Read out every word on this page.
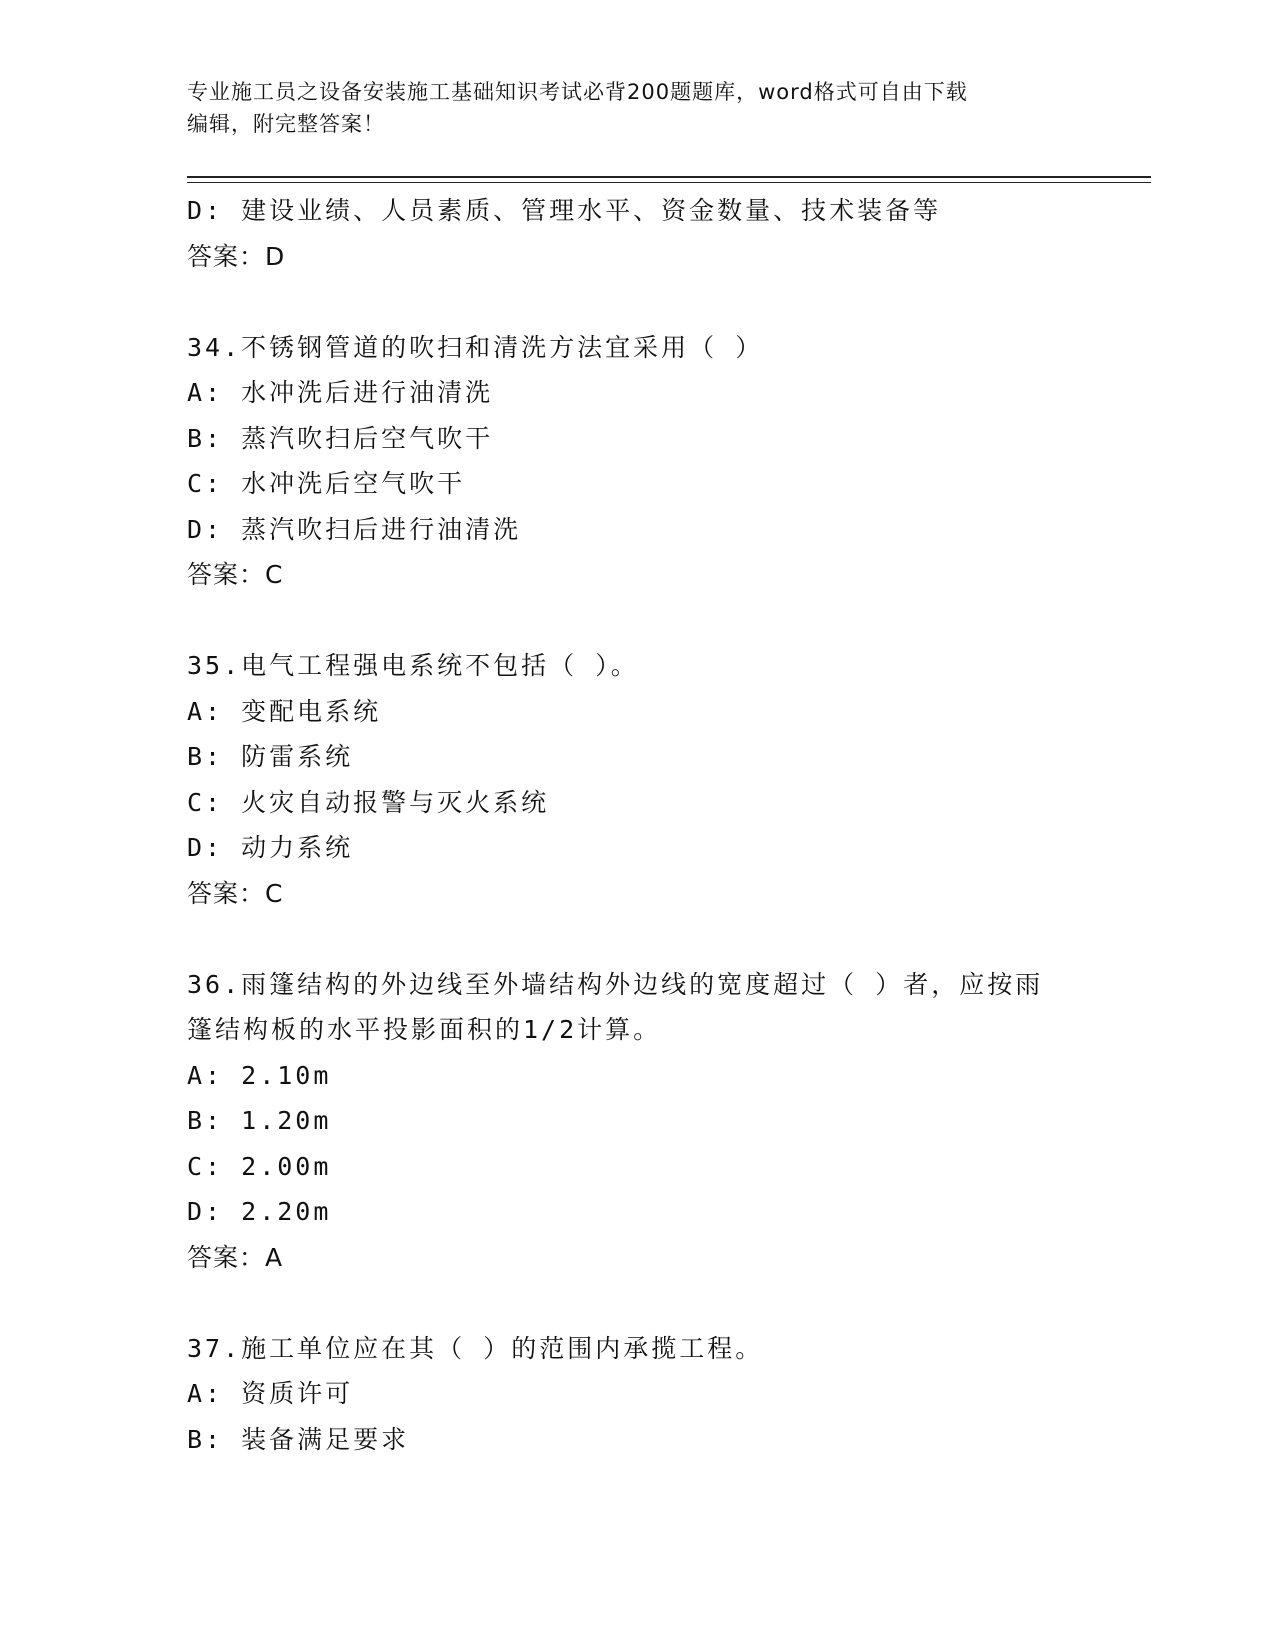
专业施工员之设备安装施工基础知识考试必背200题题库，word格式可自由下载
编辑，附完整答案！
D: 建设业绩、人员素质、管理水平、资金数量、技术装备等
答案：D
34.不锈钢管道的吹扫和清洗方法宜采用（ ）
A: 水冲洗后进行油清洗
B: 蒸汽吹扫后空气吹干
C: 水冲洗后空气吹干
D: 蒸汽吹扫后进行油清洗
答案：C
35.电气工程强电系统不包括（ ）。
A: 变配电系统
B: 防雷系统
C: 火灾自动报警与灭火系统
D: 动力系统
答案：C
36.雨篷结构的外边线至外墙结构外边线的宽度超过（ ）者，应按雨
篷结构板的水平投影面积的1/2计算。
A: 2.10m
B: 1.20m
C: 2.00m
D: 2.20m
答案：A
37.施工单位应在其（ ）的范围内承揽工程。
A: 资质许可
B: 装备满足要求
